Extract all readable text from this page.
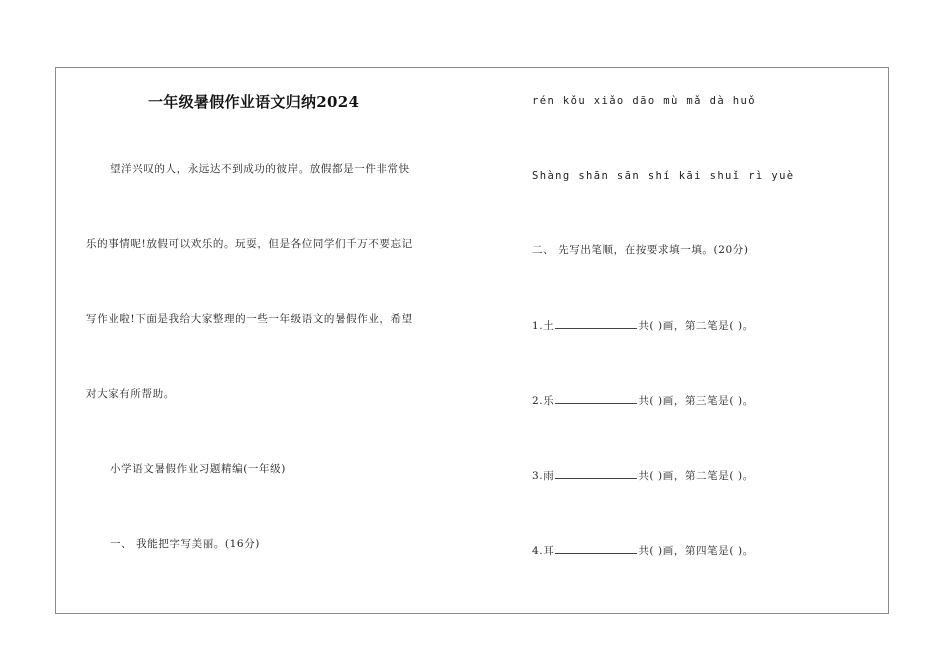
一年级暑假作业语文归纳2024
望洋兴叹的人，永远达不到成功的彼岸。放假都是一件非常快
乐的事情呢!放假可以欢乐的。玩耍，但是各位同学们千万不要忘记
写作业啦!下面是我给大家整理的一些一年级语文的暑假作业，希望
对大家有所帮助。
小学语文暑假作业习题精编(一年级)
一、 我能把字写美丽。(16分)
rén kǒu xiǎo dāo mù mǎ dà huǒ
Shàng shān sān shí kāi shuǐ rì yuè
二、 先写出笔顺，在按要求填一填。(20分)
1.土	共( )画，第二笔是( )。
2.乐	共( )画，第三笔是( )。
3.雨	共( )画，第二笔是( )。
4.耳	共( )画，第四笔是( )。
